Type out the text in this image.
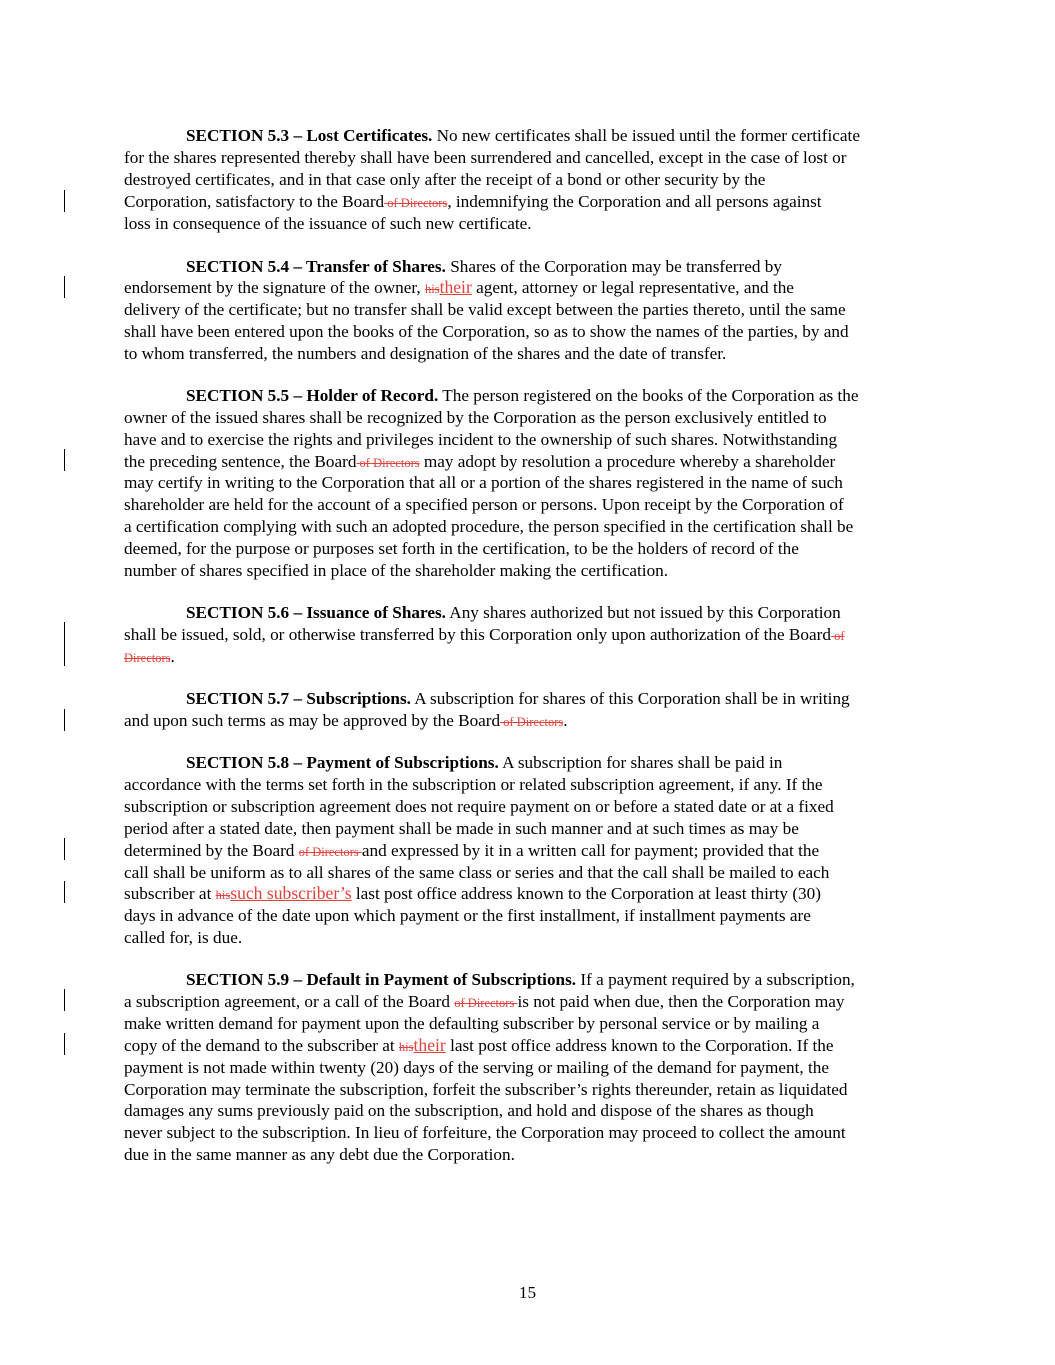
SECTION 5.3 – Lost Certificates. No new certificates shall be issued until the former certificate
for the shares represented thereby shall have been surrendered and cancelled, except in the case of lost or
destroyed certificates, and in that case only after the receipt of a bond or other security by the
Corporation, satisfactory to the Board of Directors, indemnifying the Corporation and all persons against
loss in consequence of the issuance of such new certificate.
SECTION 5.4 – Transfer of Shares. Shares of the Corporation may be transferred by
endorsement by the signature of the owner, histheir agent, attorney or legal representative, and the
delivery of the certificate; but no transfer shall be valid except between the parties thereto, until the same
shall have been entered upon the books of the Corporation, so as to show the names of the parties, by and
to whom transferred, the numbers and designation of the shares and the date of transfer.
SECTION 5.5 – Holder of Record. The person registered on the books of the Corporation as the
owner of the issued shares shall be recognized by the Corporation as the person exclusively entitled to
have and to exercise the rights and privileges incident to the ownership of such shares. Notwithstanding
the preceding sentence, the Board of Directors may adopt by resolution a procedure whereby a shareholder
may certify in writing to the Corporation that all or a portion of the shares registered in the name of such
shareholder are held for the account of a specified person or persons. Upon receipt by the Corporation of
a certification complying with such an adopted procedure, the person specified in the certification shall be
deemed, for the purpose or purposes set forth in the certification, to be the holders of record of the
number of shares specified in place of the shareholder making the certification.
SECTION 5.6 – Issuance of Shares. Any shares authorized but not issued by this Corporation
shall be issued, sold, or otherwise transferred by this Corporation only upon authorization of the Board of
Directors.
SECTION 5.7 – Subscriptions. A subscription for shares of this Corporation shall be in writing
and upon such terms as may be approved by the Board of Directors.
SECTION 5.8 – Payment of Subscriptions. A subscription for shares shall be paid in
accordance with the terms set forth in the subscription or related subscription agreement, if any. If the
subscription or subscription agreement does not require payment on or before a stated date or at a fixed
period after a stated date, then payment shall be made in such manner and at such times as may be
determined by the Board of Directors and expressed by it in a written call for payment; provided that the
call shall be uniform as to all shares of the same class or series and that the call shall be mailed to each
subscriber at hissuch subscriber’s last post office address known to the Corporation at least thirty (30)
days in advance of the date upon which payment or the first installment, if installment payments are
called for, is due.
SECTION 5.9 – Default in Payment of Subscriptions. If a payment required by a subscription,
a subscription agreement, or a call of the Board of Directors is not paid when due, then the Corporation may
make written demand for payment upon the defaulting subscriber by personal service or by mailing a
copy of the demand to the subscriber at histheir last post office address known to the Corporation. If the
payment is not made within twenty (20) days of the serving or mailing of the demand for payment, the
Corporation may terminate the subscription, forfeit the subscriber’s rights thereunder, retain as liquidated
damages any sums previously paid on the subscription, and hold and dispose of the shares as though
never subject to the subscription. In lieu of forfeiture, the Corporation may proceed to collect the amount
due in the same manner as any debt due the Corporation.
15
